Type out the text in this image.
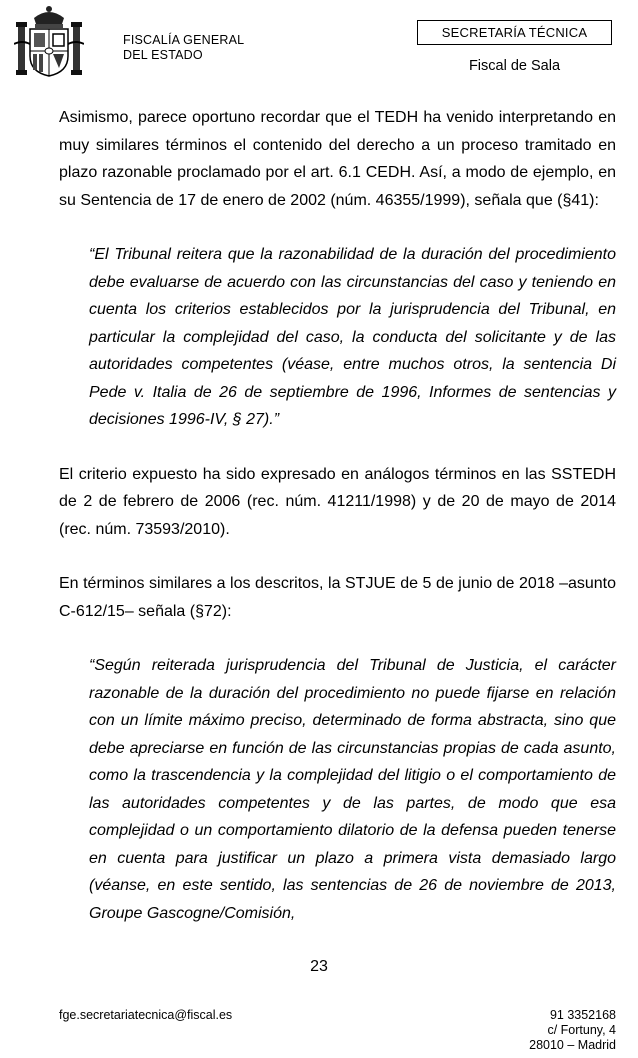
FISCALÍA GENERAL
DEL ESTADO
SECRETARÍA TÉCNICA
Fiscal de Sala

Asimismo, parece oportuno recordar que el TEDH ha venido interpretando en muy similares términos el contenido del derecho a un proceso tramitado en plazo razonable proclamado por el art. 6.1 CEDH. Así, a modo de ejemplo, en su Sentencia de 17 de enero de 2002 (núm. 46355/1999), señala que (§41):

“El Tribunal reitera que la razonabilidad de la duración del procedimiento debe evaluarse de acuerdo con las circunstancias del caso y teniendo en cuenta los criterios establecidos por la jurisprudencia del Tribunal, en particular la complejidad del caso, la conducta del solicitante y de las autoridades competentes (véase, entre muchos otros, la sentencia Di Pede v. Italia de 26 de septiembre de 1996, Informes de sentencias y decisiones 1996-IV, § 27).”

El criterio expuesto ha sido expresado en análogos términos en las SSTEDH de 2 de febrero de 2006 (rec. núm. 41211/1998) y de 20 de mayo de 2014 (rec. núm. 73593/2010).

En términos similares a los descritos, la STJUE de 5 de junio de 2018 –asunto C-612/15– señala (§72):

“Según reiterada jurisprudencia del Tribunal de Justicia, el carácter razonable de la duración del procedimiento no puede fijarse en relación con un límite máximo preciso, determinado de forma abstracta, sino que debe apreciarse en función de las circunstancias propias de cada asunto, como la trascendencia y la complejidad del litigio o el comportamiento de las autoridades competentes y de las partes, de modo que esa complejidad o un comportamiento dilatorio de la defensa pueden tenerse en cuenta para justificar un plazo a primera vista demasiado largo (véanse, en este sentido, las sentencias de 26 de noviembre de 2013, Groupe Gascogne/Comisión,

23
fge.secretariatecnica@fiscal.es	91 3352168
c/ Fortuny, 4
28010 – Madrid
